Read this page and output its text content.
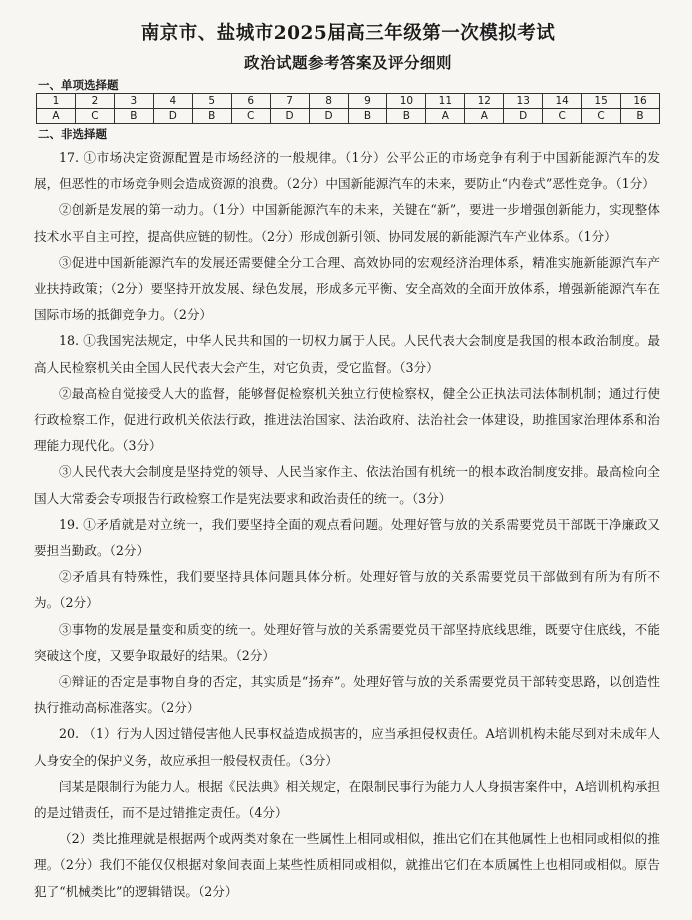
南京市、盐城市2025届高三年级第一次模拟考试
政治试题参考答案及评分细则
一、单项选择题
1	2	3	4	5	6	7	8	9	10	11	12	13	14	15	16
A	C	B	D	B	C	D	D	B	B	A	A	D	C	C	B
二、非选择题

17. ①市场决定资源配置是市场经济的一般规律。（1分）公平公正的市场竞争有利于中国新能源汽车的发展，但恶性的市场竞争则会造成资源的浪费。（2分）中国新能源汽车的未来，要防止“内卷式”恶性竞争。（1分）

②创新是发展的第一动力。（1分）中国新能源汽车的未来，关键在“新”，要进一步增强创新能力，实现整体技术水平自主可控，提高供应链的韧性。（2分）形成创新引领、协同发展的新能源汽车产业体系。（1分）

③促进中国新能源汽车的发展还需要健全分工合理、高效协同的宏观经济治理体系，精准实施新能源汽车产业扶持政策；（2分）要坚持开放发展、绿色发展，形成多元平衡、安全高效的全面开放体系，增强新能源汽车在国际市场的抵御竞争力。（2分）

18. ①我国宪法规定，中华人民共和国的一切权力属于人民。人民代表大会制度是我国的根本政治制度。最高人民检察机关由全国人民代表大会产生，对它负责，受它监督。（3分）

②最高检自觉接受人大的监督，能够督促检察机关独立行使检察权，健全公正执法司法体制机制；通过行使行政检察工作，促进行政机关依法行政，推进法治国家、法治政府、法治社会一体建设，助推国家治理体系和治理能力现代化。（3分）

③人民代表大会制度是坚持党的领导、人民当家作主、依法治国有机统一的根本政治制度安排。最高检向全国人大常委会专项报告行政检察工作是宪法要求和政治责任的统一。（3分）

19. ①矛盾就是对立统一，我们要坚持全面的观点看问题。处理好管与放的关系需要党员干部既干净廉政又要担当勤政。（2分）

②矛盾具有特殊性，我们要坚持具体问题具体分析。处理好管与放的关系需要党员干部做到有所为有所不为。（2分）

③事物的发展是量变和质变的统一。处理好管与放的关系需要党员干部坚持底线思维，既要守住底线，不能突破这个度，又要争取最好的结果。（2分）

④辩证的否定是事物自身的否定，其实质是“扬弃”。处理好管与放的关系需要党员干部转变思路，以创造性执行推动高标准落实。（2分）

20. （1）行为人因过错侵害他人民事权益造成损害的，应当承担侵权责任。A培训机构未能尽到对未成年人人身安全的保护义务，故应承担一般侵权责任。（3分）

闫某是限制行为能力人。根据《民法典》相关规定，在限制民事行为能力人人身损害案件中，A培训机构承担的是过错责任，而不是过错推定责任。（4分）

（2）类比推理就是根据两个或两类对象在一些属性上相同或相似，推出它们在其他属性上也相同或相似的推理。（2分）我们不能仅仅根据对象间表面上某些性质相同或相似，就推出它们在本质属性上也相同或相似。原告犯了“机械类比”的逻辑错误。（2分）
